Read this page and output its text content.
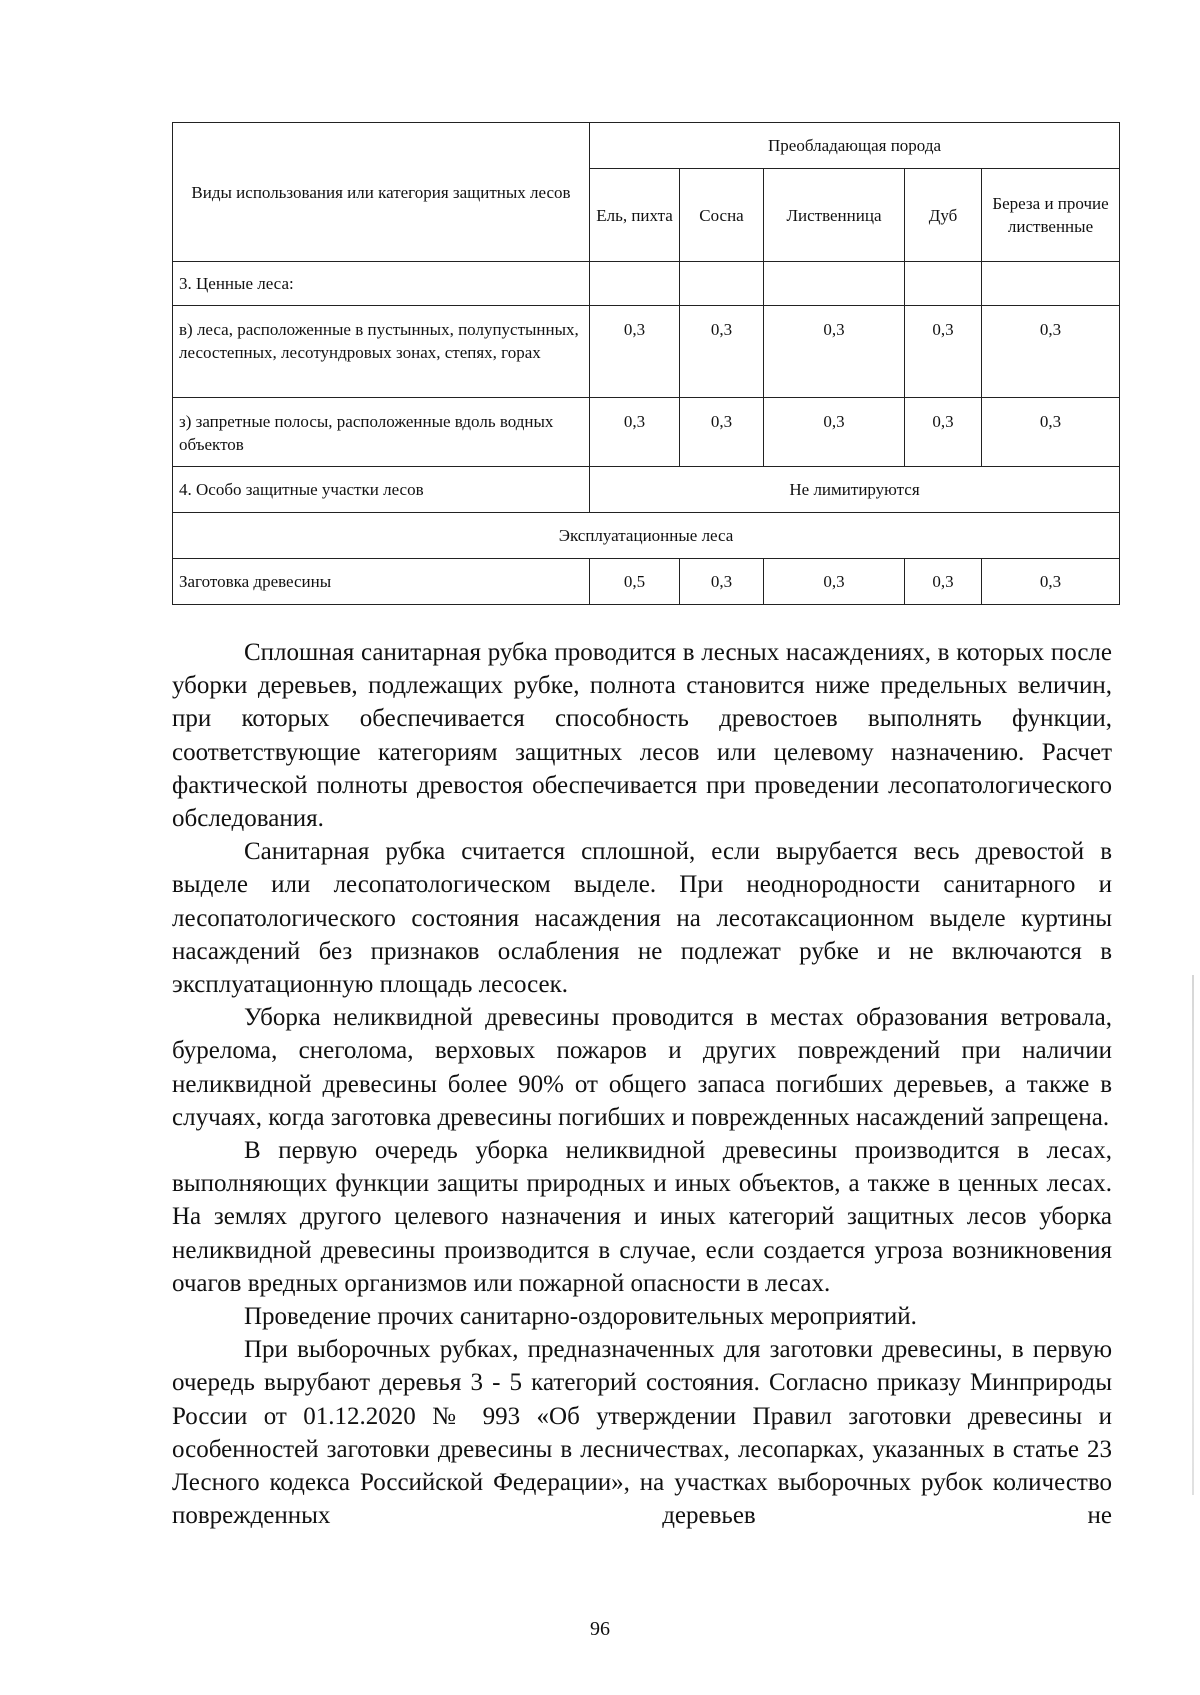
Виды использования или категория защитных лесов	Преобладающая порода				
	Ель, пихта	Сосна	Лиственница	Дуб	Береза и прочие лиственные
3. Ценные леса:					
в) леса, расположенные в пустынных, полупустынных, лесостепных, лесотундровых зонах, степях, горах	0,3	0,3	0,3	0,3	0,3
з) запретные полосы, расположенные вдоль водных объектов	0,3	0,3	0,3	0,3	0,3
4. Особо защитные участки лесов	Не лимитируются				
Эксплуатационные леса					
Заготовка древесины	0,5	0,3	0,3	0,3	0,3

Сплошная санитарная рубка проводится в лесных насаждениях, в которых после уборки деревьев, подлежащих рубке, полнота становится ниже предельных величин, при которых обеспечивается способность древостоев выполнять функции, соответствующие категориям защитных лесов или целевому назначению. Расчет фактической полноты древостоя обеспечивается при проведении лесопатологического обследования.

Санитарная рубка считается сплошной, если вырубается весь древостой в выделе или лесопатологическом выделе. При неоднородности санитарного и лесопатологического состояния насаждения на лесотаксационном выделе куртины насаждений без признаков ослабления не подлежат рубке и не включаются в эксплуатационную площадь лесосек.

Уборка неликвидной древесины проводится в местах образования ветровала, бурелома, снеголома, верховых пожаров и других повреждений при наличии неликвидной древесины более 90% от общего запаса погибших деревьев, а также в случаях, когда заготовка древесины погибших и поврежденных насаждений запрещена.

В первую очередь уборка неликвидной древесины производится в лесах, выполняющих функции защиты природных и иных объектов, а также в ценных лесах. На землях другого целевого назначения и иных категорий защитных лесов уборка неликвидной древесины производится в случае, если создается угроза возникновения очагов вредных организмов или пожарной опасности в лесах.

Проведение прочих санитарно-оздоровительных мероприятий.

При выборочных рубках, предназначенных для заготовки древесины, в первую очередь вырубают деревья 3 - 5 категорий состояния. Согласно приказу Минприроды России от 01.12.2020 № 993 «Об утверждении Правил заготовки древесины и особенностей заготовки древесины в лесничествах, лесопарках, указанных в статье 23 Лесного кодекса Российской Федерации», на участках выборочных рубок количество поврежденных деревьев не

96
